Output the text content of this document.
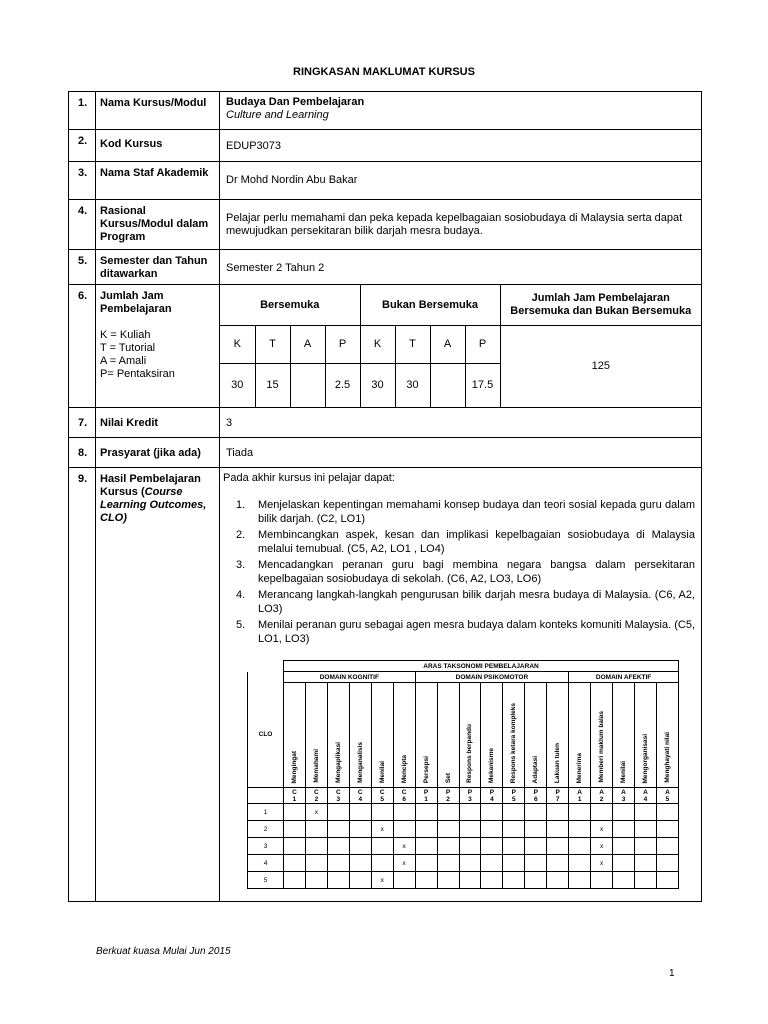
RINGKASAN MAKLUMAT KURSUS
1.	Nama Kursus/Modul	Budaya Dan Pembelajaran
Culture and Learning

2.	Kod Kursus	EDUP3073
3.	Nama Staf Akademik	Dr Mohd Nordin Abu Bakar
4.	Rasional Kursus/Modul dalam Program	Pelajar perlu memahami dan peka kepada kepelbagaian sosiobudaya di Malaysia serta dapat mewujudkan persekitaran bilik darjah mesra budaya.
5.	Semester dan Tahun ditawarkan	Semester 2 Tahun 2
6.	Jumlah Jam Pembelajaran
K = Kuliah
T = Tutorial
A = Amali
P= Pentaksiran

Bersemuka	Bukan Bersemuka	Jumlah Jam Pembelajaran Bersemuka dan Bukan Bersemuka
K	T	A	P	K	T	A	P	125
30	15		2.5	30	30		17.5

7.	Nilai Kredit	3
8.	Prasyarat (jika ada)	Tiada
9.	Hasil Pembelajaran Kursus (Course Learning Outcomes, CLO)	
Pada akhir kursus ini pelajar dapat:
1. Menjelaskan kepentingan memahami konsep budaya dan teori sosial kepada guru dalam bilik darjah. (C2, LO1)
2. Membincangkan aspek, kesan dan implikasi kepelbagaian sosiobudaya di Malaysia melalui temubual. (C5, A2, LO1 , LO4)
3. Mencadangkan peranan guru bagi membina negara bangsa dalam persekitaran kepelbagaian sosiobudaya di sekolah. (C6, A2, LO3, LO6)
4. Merancang langkah-langkah pengurusan bilik darjah mesra budaya di Malaysia. (C6, A2, LO3)
5. Menilai peranan guru sebagai agen mesra budaya dalam konteks komuniti Malaysia. (C5, LO1, LO3)
	ARAS TAKSONOMI PEMBELAJARAN
	DOMAIN KOGNITIF	DOMAIN PSIKOMOTOR	DOMAIN AFEKTIF
CLO	Mengingat	Memahami	Mengaplikasi	Menganalisis	Menilai	Mencipta	Persepsi	Set	Respons berpandu	Mekanisme	Respons ketara kompleks	Adaptasi	Lakuan tulen	Menerima	Memberi maklum balas	Menilai	Mengorganisasi	Menghayati nilai
	C 1	C 2	C 3	C 4	C 5	C 6	P 1	P 2	P 3	P 4	P 5	P 6	P 7	A 1	A 2	A 3	A 4	A 5
1		x																
2					x										x			
3						x									x			
4						x									x			
5					x													
Berkuat kuasa Mulai Jun 2015
1
